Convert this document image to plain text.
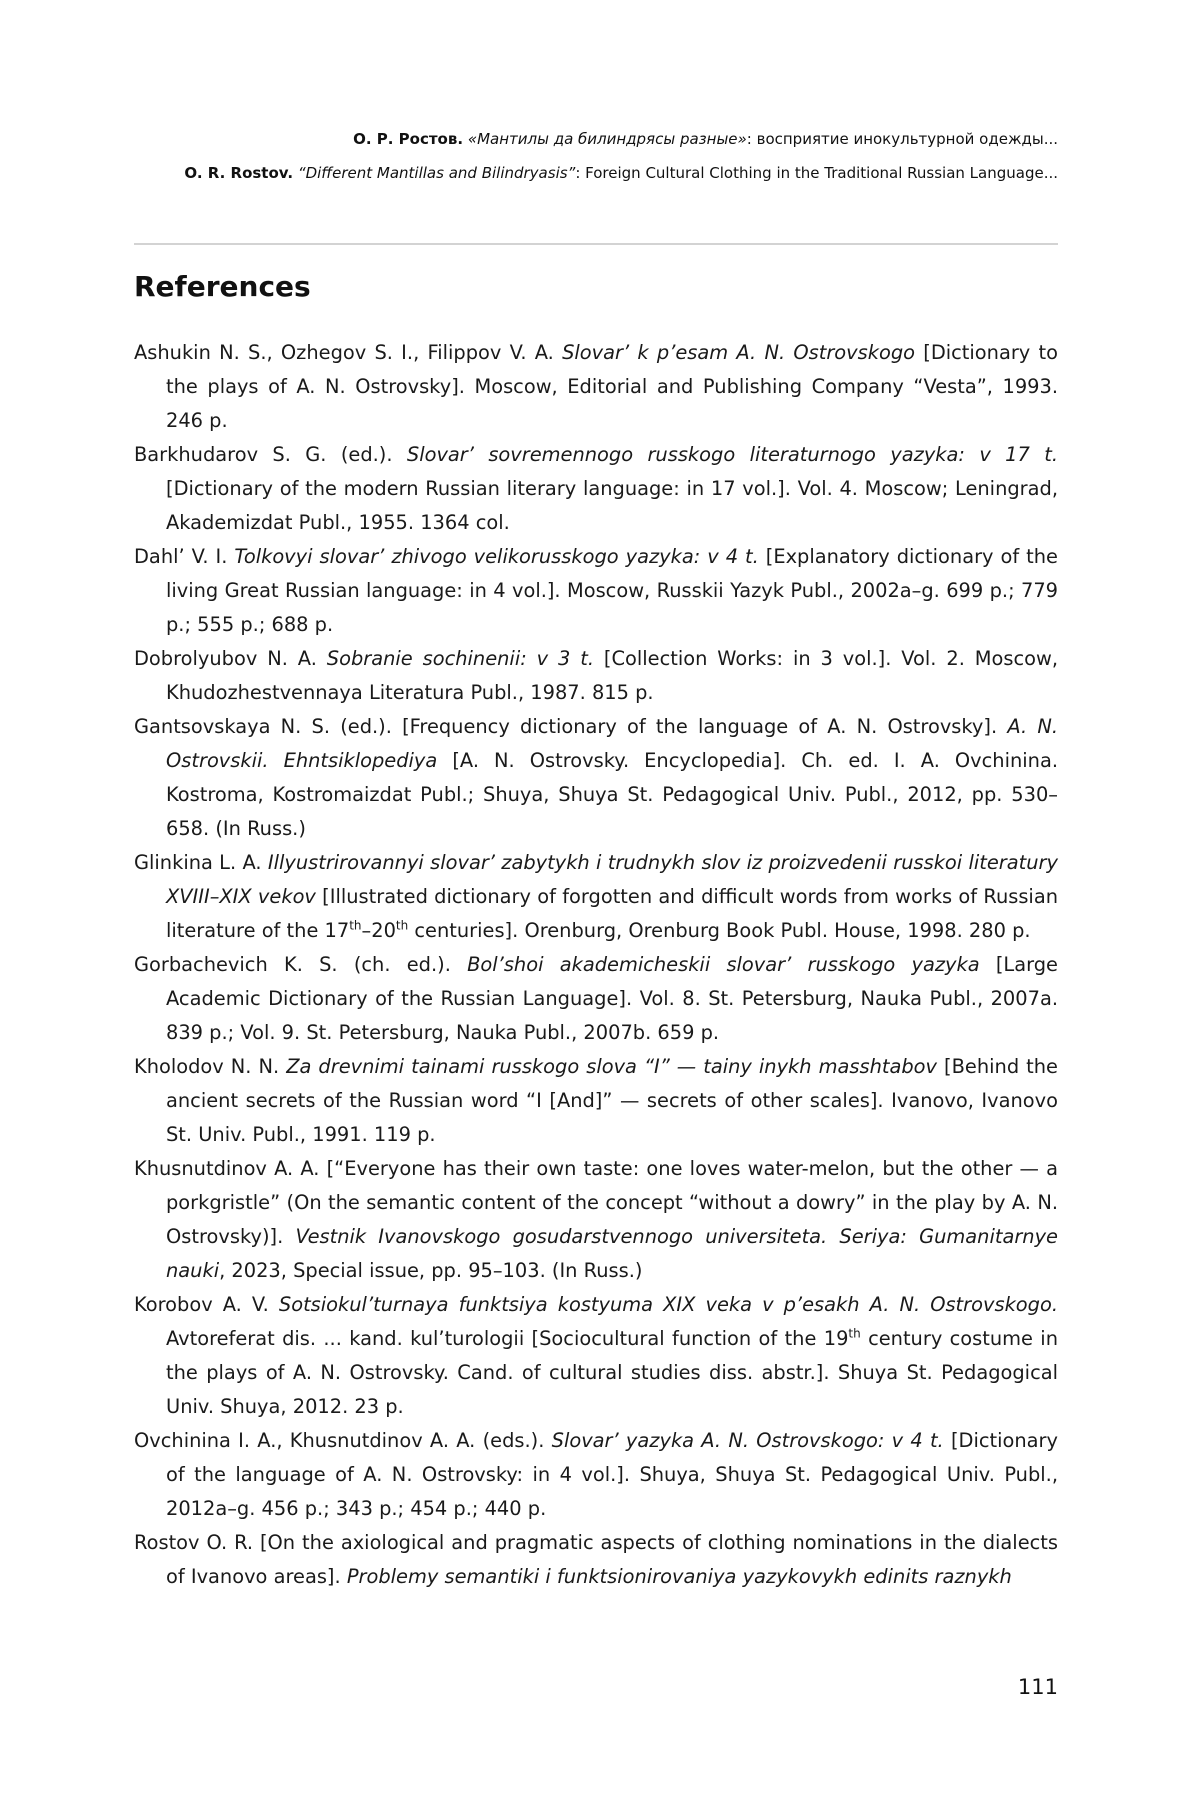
О. Р. Ростов. «Мантилы да билиндрясы разные»: восприятие инокультурной одежды...
O. R. Rostov. “Different Mantillas and Bilindryasis”: Foreign Cultural Clothing in the Traditional Russian Language...
References
Ashukin N. S., Ozhegov S. I., Filippov V. A. Slovar’ k p’esam A. N. Ostrovskogo [Dictionary to the plays of A. N. Ostrovsky]. Moscow, Editorial and Publishing Company “Vesta”, 1993. 246 p.
Barkhudarov S. G. (ed.). Slovar’ sovremennogo russkogo literaturnogo yazyka: v 17 t. [Dictionary of the modern Russian literary language: in 17 vol.]. Vol. 4. Moscow; Leningrad, Akademizdat Publ., 1955. 1364 col.
Dahl’ V. I. Tolkovyi slovar’ zhivogo velikorusskogo yazyka: v 4 t. [Explanatory dictionary of the living Great Russian language: in 4 vol.]. Moscow, Russkii Yazyk Publ., 2002a–g. 699 p.; 779 p.; 555 p.; 688 p.
Dobrolyubov N. A. Sobranie sochinenii: v 3 t. [Collection Works: in 3 vol.]. Vol. 2. Moscow, Khudozhestvennaya Literatura Publ., 1987. 815 p.
Gantsovskaya N. S. (ed.). [Frequency dictionary of the language of A. N. Ostrovsky]. A. N. Ostrovskii. Ehntsiklopediya [A. N. Ostrovsky. Encyclopedia]. Ch. ed. I. A. Ovchinina. Kostroma, Kostromaizdat Publ.; Shuya, Shuya St. Pedagogical Univ. Publ., 2012, pp. 530–658. (In Russ.)
Glinkina L. A. Illyustrirovannyi slovar’ zabytykh i trudnykh slov iz proizvedenii russkoi literatury XVIII–XIX vekov [Illustrated dictionary of forgotten and difficult words from works of Russian literature of the 17th–20th centuries]. Orenburg, Orenburg Book Publ. House, 1998. 280 p.
Gorbachevich K. S. (ch. ed.). Bol’shoi akademicheskii slovar’ russkogo yazyka [Large Academic Dictionary of the Russian Language]. Vol. 8. St. Petersburg, Nauka Publ., 2007a. 839 p.; Vol. 9. St. Petersburg, Nauka Publ., 2007b. 659 p.
Kholodov N. N. Za drevnimi tainami russkogo slova “I” — tainy inykh masshtabov [Behind the ancient secrets of the Russian word “I [And]” — secrets of other scales]. Ivanovo, Ivanovo St. Univ. Publ., 1991. 119 p.
Khusnutdinov A. A. [“Everyone has their own taste: one loves water-melon, but the other — a porkgristle” (On the semantic content of the concept “without a dowry” in the play by A. N. Ostrovsky)]. Vestnik Ivanovskogo gosudarstvennogo universiteta. Seriya: Gumanitarnye nauki, 2023, Special issue, pp. 95–103. (In Russ.)
Korobov A. V. Sotsiokul’turnaya funktsiya kostyuma XIX veka v p’esakh A. N. Ostrovskogo. Avtoreferat dis. ... kand. kul’turologii [Sociocultural function of the 19th century costume in the plays of A. N. Ostrovsky. Cand. of cultural studies diss. abstr.]. Shuya St. Pedagogical Univ. Shuya, 2012. 23 p.
Ovchinina I. A., Khusnutdinov A. A. (eds.). Slovar’ yazyka A. N. Ostrovskogo: v 4 t. [Dictionary of the language of A. N. Ostrovsky: in 4 vol.]. Shuya, Shuya St. Pedagogical Univ. Publ., 2012a–g. 456 p.; 343 p.; 454 p.; 440 p.
Rostov O. R. [On the axiological and pragmatic aspects of clothing nominations in the dialects of Ivanovo areas]. Problemy semantiki i funktsionirovaniya yazykovykh edinits raznykh
111
